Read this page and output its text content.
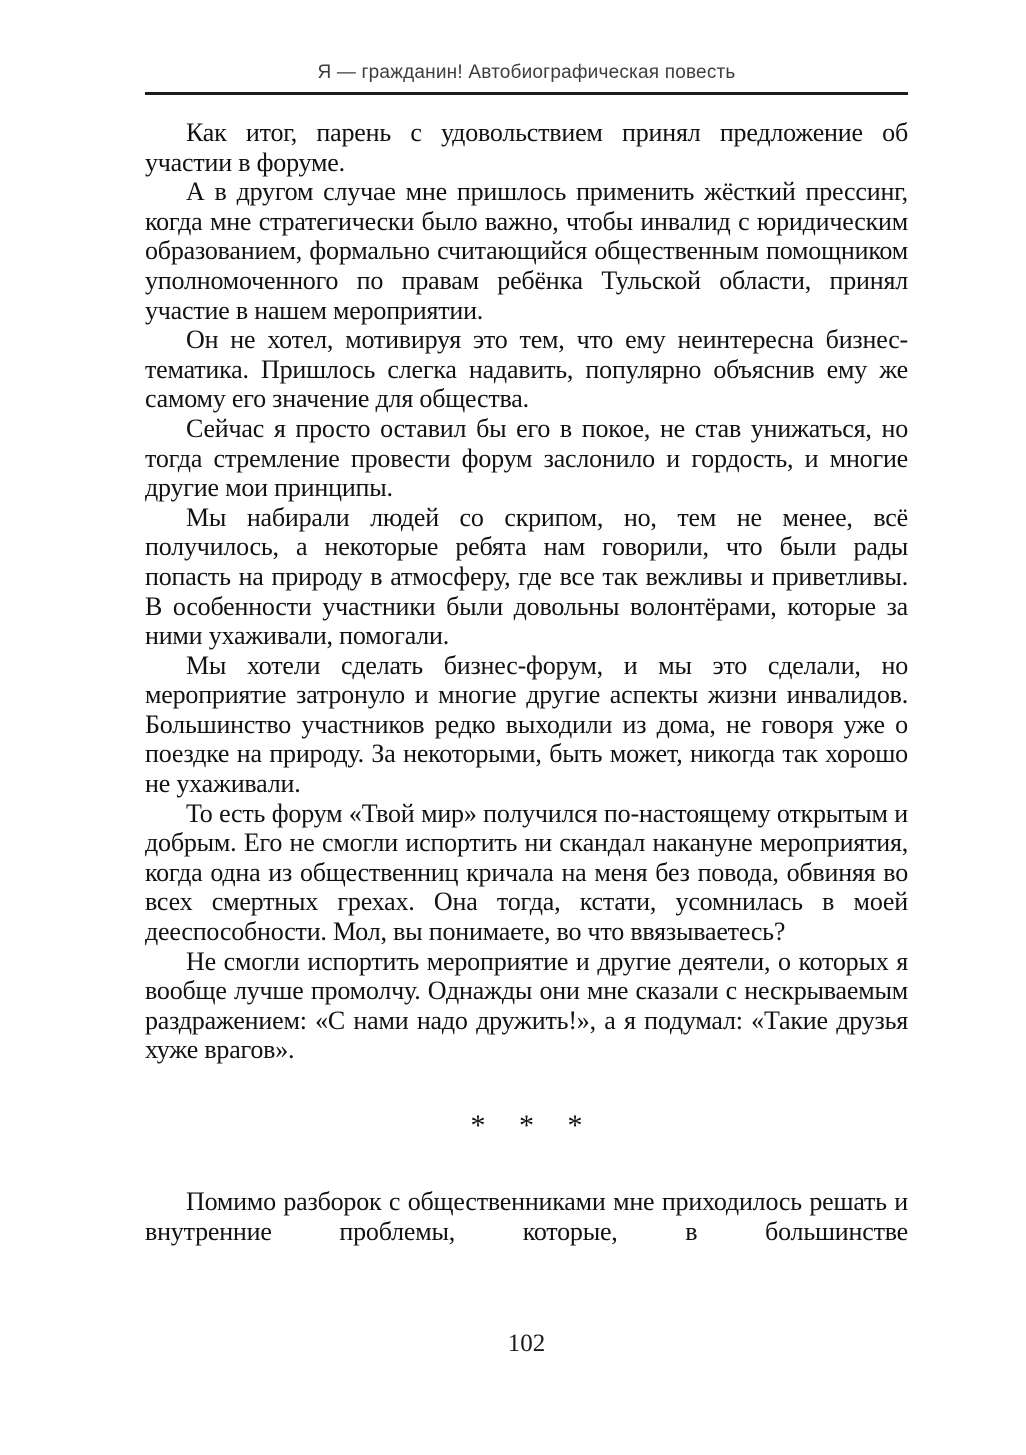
Я — гражданин! Автобиографическая повесть

Как итог, парень с удовольствием принял предложение об участии в форуме.

А в другом случае мне пришлось применить жёсткий прессинг, когда мне стратегически было важно, чтобы инвалид с юридическим образованием, формально считающийся общественным помощником уполномоченного по правам ребёнка Тульской области, принял участие в нашем мероприятии.

Он не хотел, мотивируя это тем, что ему неинтересна бизнес-тематика. Пришлось слегка надавить, популярно объяснив ему же самому его значение для общества.

Сейчас я просто оставил бы его в покое, не став унижаться, но тогда стремление провести форум заслонило и гордость, и многие другие мои принципы.

Мы набирали людей со скрипом, но, тем не менее, всё получилось, а некоторые ребята нам говорили, что были рады попасть на природу в атмосферу, где все так вежливы и приветливы. В особенности участники были довольны волонтёрами, которые за ними ухаживали, помогали.

Мы хотели сделать бизнес-форум, и мы это сделали, но мероприятие затронуло и многие другие аспекты жизни инвалидов. Большинство участников редко выходили из дома, не говоря уже о поездке на природу. За некоторыми, быть может, никогда так хорошо не ухаживали.

То есть форум «Твой мир» получился по-настоящему открытым и добрым. Его не смогли испортить ни скандал накануне мероприятия, когда одна из общественниц кричала на меня без повода, обвиняя во всех смертных грехах. Она тогда, кстати, усомнилась в моей дееспособности. Мол, вы понимаете, во что ввязываетесь?

Не смогли испортить мероприятие и другие деятели, о которых я вообще лучше промолчу. Однажды они мне сказали с нескрываемым раздражением: «С нами надо дружить!», а я подумал: «Такие друзья хуже врагов».

* * *

Помимо разборок с общественниками мне приходилось решать и внутренние проблемы, которые, в большинстве

102
